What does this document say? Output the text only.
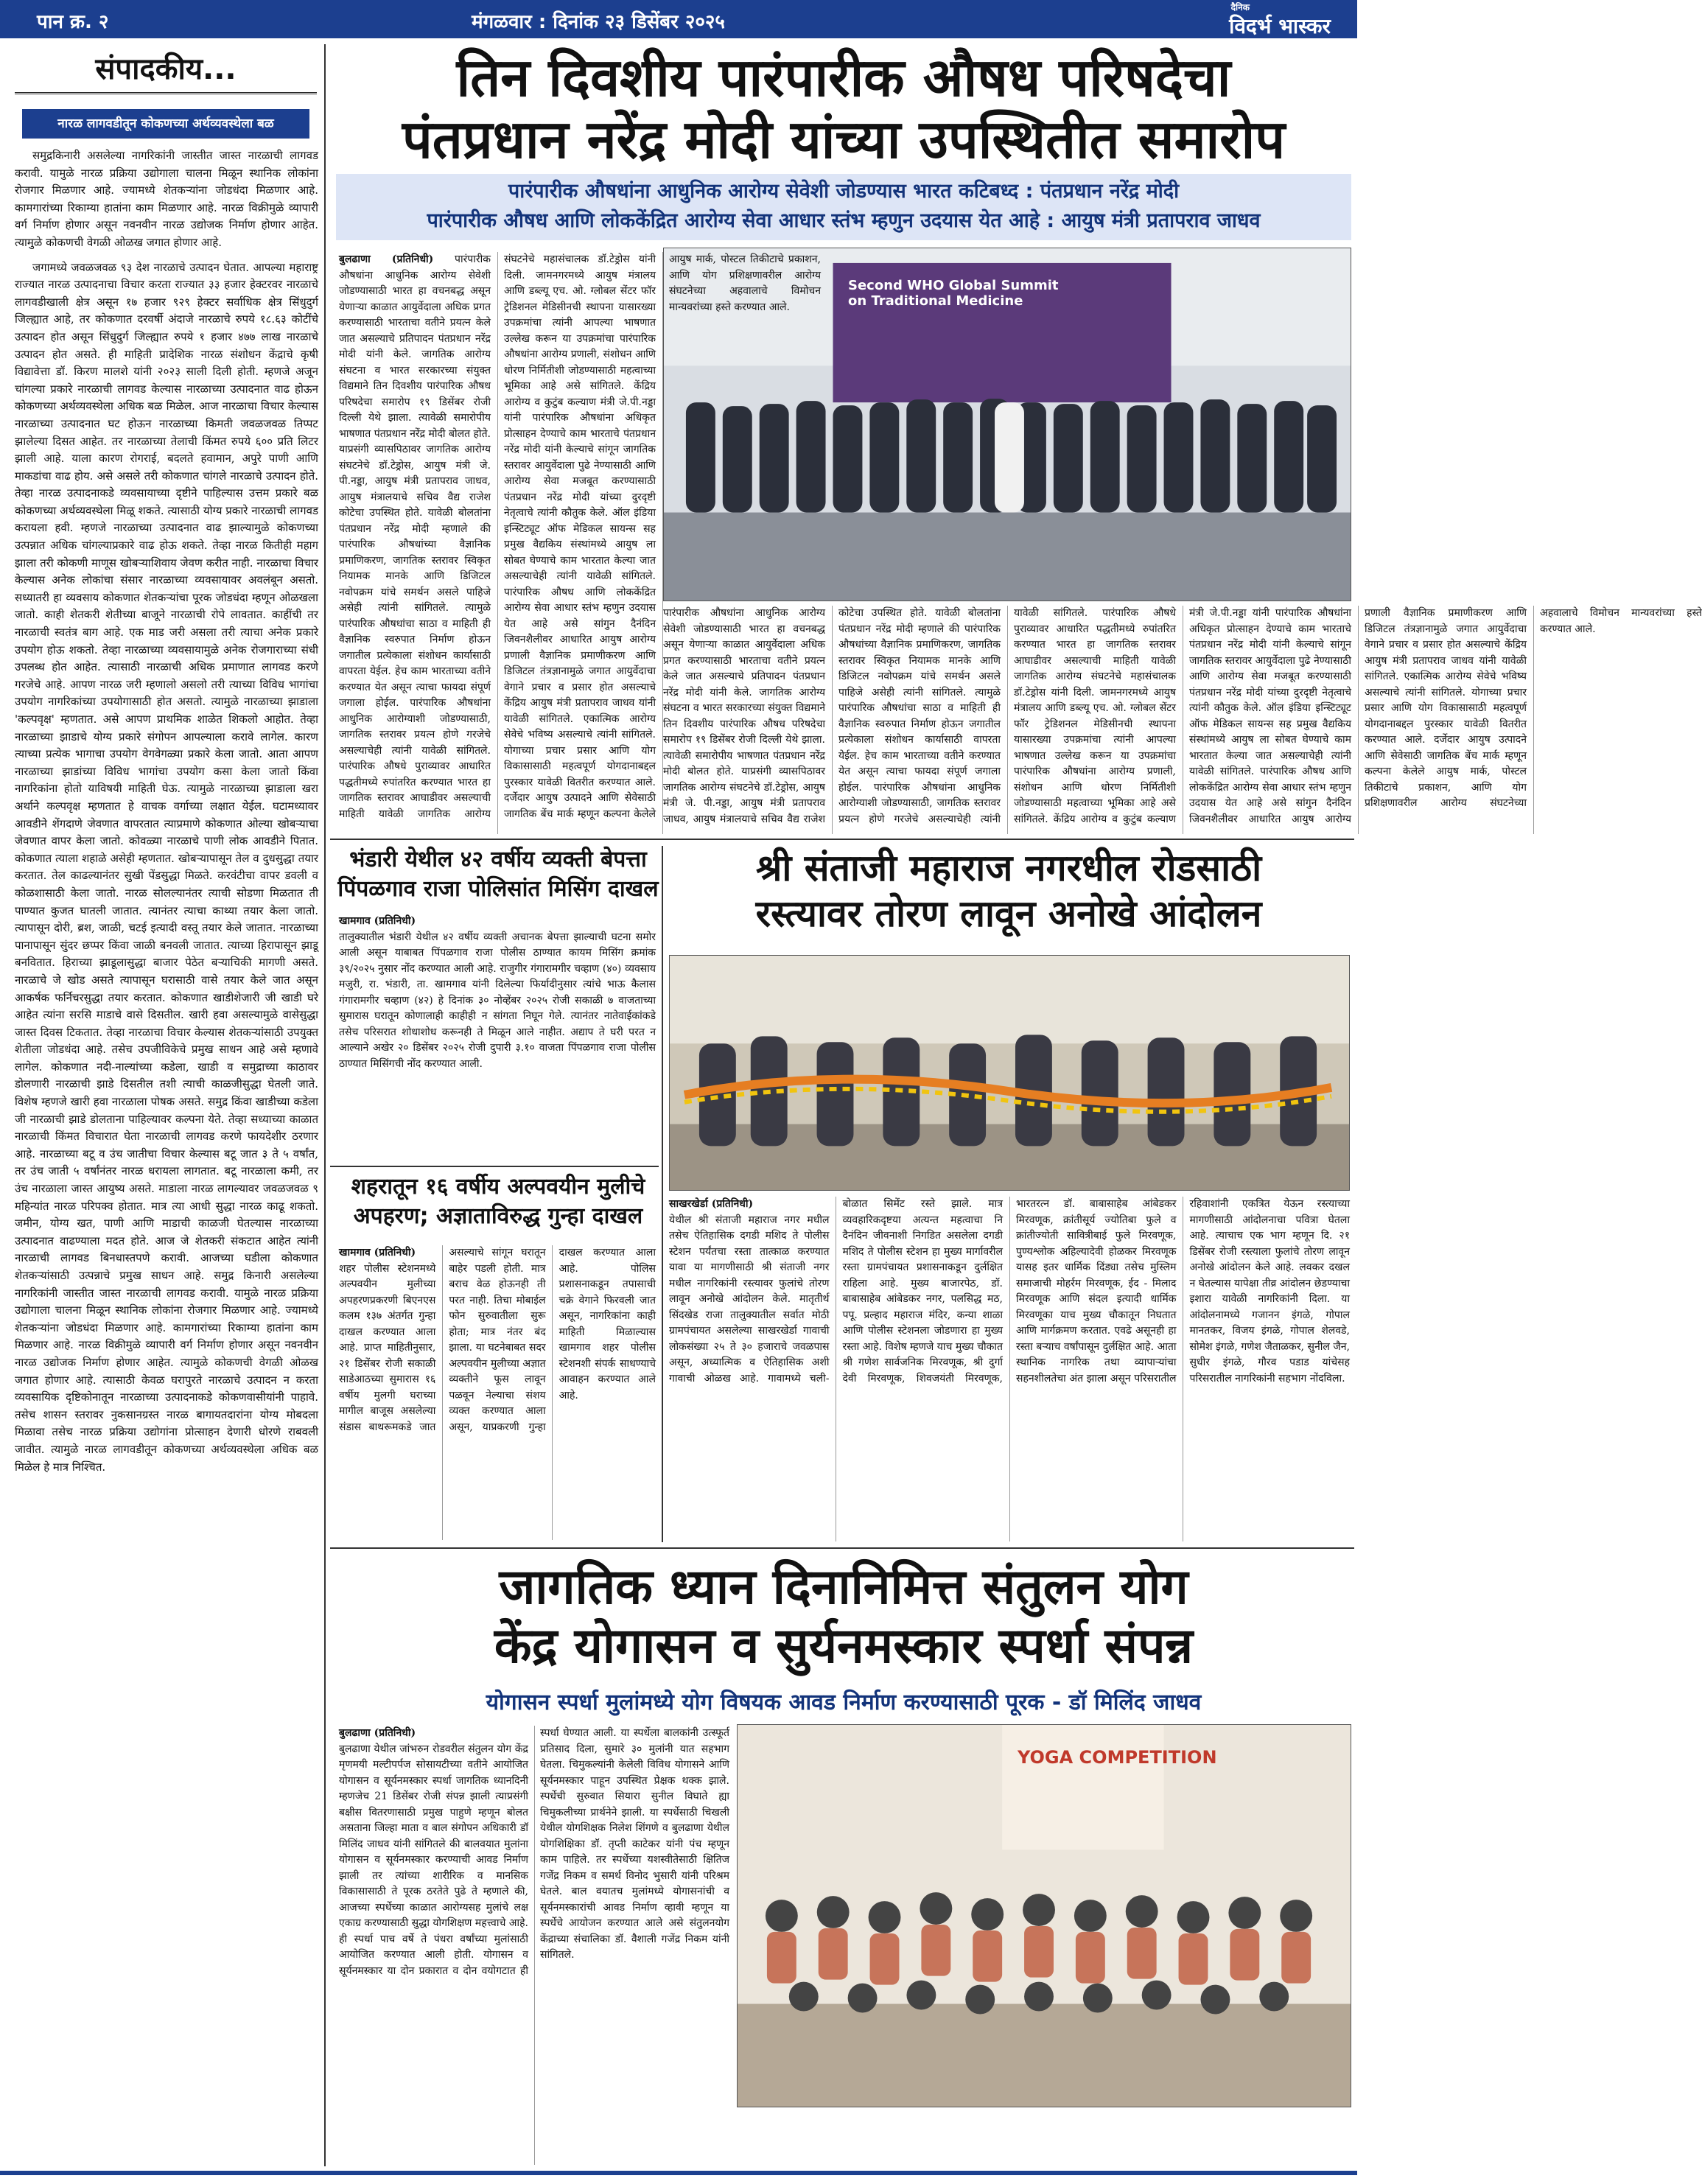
पान क्र. २	मंगळवार : दिनांक २३ डिसेंबर २०२५
दैनिक
विदर्भ भास्कर
संपादकीय...
नारळ लागवडीतून कोकणच्या अर्थव्यवस्थेला बळ

समुद्रकिनारी असलेल्या नागरिकांनी जास्तीत जास्त नारळाची लागवड करावी. यामुळे नारळ प्रक्रिया उद्योगाला चालना मिळून स्थानिक लोकांना रोजगार मिळणार आहे. ज्यामध्ये शेतकऱ्यांना जोडधंदा मिळणार आहे. कामगारांच्या रिकाम्या हातांना काम मिळणार आहे. नारळ विक्रीमुळे व्यापारी वर्ग निर्माण होणार असून नवनवीन नारळ उद्योजक निर्माण होणार आहेत. त्यामुळे कोकणची वेगळी ओळख जगात होणार आहे.

जगामध्ये जवळजवळ ९३ देश नारळाचे उत्पादन घेतात. आपल्या महाराष्ट्र राज्यात नारळ उत्पादनाचा विचार करता राज्यात ३३ हजार हेक्टरवर नारळाचे लागवडीखाली क्षेत्र असून १७ हजार ९२९ हेक्टर सर्वाधिक क्षेत्र सिंधुदुर्ग जिल्ह्यात आहे, तर कोकणात दरवर्षी अंदाजे नारळाचे रुपये १८.६३ कोटींचे उत्पादन होत असून सिंधुदुर्ग जिल्ह्यात रुपये १ हजार ४७७ लाख नारळाचे उत्पादन होत असते. ही माहिती प्रादेशिक नारळ संशोधन केंद्राचे कृषी विद्यावेत्ता डॉ. किरण मालशे यांनी २०२३ साली दिली होती. म्हणजे अजून चांगल्या प्रकारे नारळाची लागवड केल्यास नारळाच्या उत्पादनात वाढ होऊन कोकणच्या अर्थव्यवस्थेला अधिक बळ मिळेल. आज नारळाचा विचार केल्यास नारळाच्या उत्पादनात घट होऊन नारळाच्या किमती जवळजवळ तिप्पट झालेल्या दिसत आहेत. तर नारळाच्या तेलाची किंमत रुपये ६०० प्रति लिटर झाली आहे. याला कारण रोगराई, बदलते हवामान, अपुरे पाणी आणि माकडांचा वाढ होय. असे असले तरी कोकणात चांगले नारळाचे उत्पादन होते. तेव्हा नारळ उत्पादनाकडे व्यवसायाच्या दृष्टीने पाहिल्यास उत्तम प्रकारे बळ कोकणच्या अर्थव्यवस्थेला मिळू शकते. त्यासाठी योग्य प्रकारे नारळाची लागवड करायला हवी. म्हणजे नारळाच्या उत्पादनात वाढ झाल्यामुळे कोकणच्या उत्पन्नात अधिक चांगल्याप्रकारे वाढ होऊ शकते. तेव्हा नारळ कितीही महाग झाला तरी कोकणी माणूस खोबऱ्याशिवाय जेवण करीत नाही. नारळाचा विचार केल्यास अनेक लोकांचा संसार नारळाच्या व्यवसायावर अवलंबून असतो. सध्यातरी हा व्यवसाय कोकणात शेतकऱ्यांचा पूरक जोडधंदा म्हणून ओळखला जातो. काही शेतकरी शेतीच्या बाजूने नारळाची रोपे लावतात. काहींची तर नारळाची स्वतंत्र बाग आहे. एक माड जरी असला तरी त्याचा अनेक प्रकारे उपयोग होऊ शकतो. तेव्हा नारळाच्या व्यवसायामुळे अनेक रोजगाराच्या संधी उपलब्ध होत आहेत. त्यासाठी नारळाची अधिक प्रमाणात लागवड करणे गरजेचे आहे. आपण नारळ जरी म्हणालो असलो तरी त्याच्या विविध भागांचा उपयोग नागरिकांच्या उपयोगासाठी होत असतो. त्यामुळे नारळाच्या झाडाला 'कल्पवृक्ष' म्हणतात. असे आपण प्राथमिक शाळेत शिकलो आहोत. तेव्हा नारळाच्या झाडाचे योग्य प्रकारे संगोपन आपल्याला करावे लागेल. कारण त्याच्या प्रत्येक भागाचा उपयोग वेगवेगळ्या प्रकारे केला जातो. आता आपण नारळाच्या झाडांच्या विविध भागांचा उपयोग कसा केला जातो किंवा नागरिकांना होतो याविषयी माहिती घेऊ. त्यामुळे नारळाच्या झाडाला खरा अर्थाने कल्पवृक्ष म्हणतात हे वाचक वर्गाच्या लक्षात येईल. घटामध्यावर आवडीने शेंगदाणे जेवणात वापरतात त्याप्रमाणे कोकणात ओल्या खोबऱ्याचा जेवणात वापर केला जातो. कोवळ्या नारळाचे पाणी लोक आवडीने पितात. कोकणात त्याला शहाळे असेही म्हणतात. खोबऱ्यापासून तेल व दुधसुद्धा तयार करतात. तेल काढल्यानंतर सुखी पेंडसुद्धा मिळते. करवंटीचा वापर डवली व कोळशासाठी केला जातो. नारळ सोलल्यानंतर त्याची सोडणा मिळतात ती पाण्यात कुजत घातली जातात. त्यानंतर त्याचा काथ्या तयार केला जातो. त्यापासून दोरी, ब्रश, जाळी, चटई इत्यादी वस्तू तयार केले जातात. नारळाच्या पानापासून सुंदर छप्पर किंवा जाळी बनवली जातात. त्याच्या हिरापासून झाडू बनवितात. हिराच्या झाडूलासुद्धा बाजार पेठेत बऱ्याचिकी मागणी असते. नारळाचे जे खोड असते त्यापासून घरासाठी वासे तयार केले जात असून आकर्षक फर्निचरसुद्धा तयार करतात. कोकणात खाडीशेजारी जी खाडी घरे आहेत त्यांना सरसि माडाचे वासे दिसतील. खारी हवा असल्यामुळे वासेसुद्धा जास्त दिवस टिकतात. तेव्हा नारळाचा विचार केल्यास शेतकऱ्यांसाठी उपयुक्त शेतीला जोडधंदा आहे. तसेच उपजीविकेचे प्रमुख साधन आहे असे म्हणावे लागेल. कोकणात नदी-नाल्यांच्या कडेला, खाडी व समुद्राच्या काठावर डोलणारी नारळाची झाडे दिसतील तशी त्याची काळजीसुद्धा घेतली जाते. विशेष म्हणजे खारी हवा नारळाला पोषक असते. समुद्र किंवा खाडीच्या कडेला जी नारळाची झाडे डोलताना पाहिल्यावर कल्पना येते. तेव्हा सध्याच्या काळात नारळाची किंमत विचारात घेता नारळाची लागवड करणे फायदेशीर ठरणार आहे. नारळाच्या बटू व उंच जातीचा विचार केल्यास बटू जात ३ ते ५ वर्षांत, तर उंच जाती ५ वर्षांनंतर नारळ धरायला लागतात. बटू नारळाला कमी, तर उंच नारळाला जास्त आयुष्य असते. माडाला नारळ लागल्यावर जवळजवळ ९ महिन्यांत नारळ परिपक्व होतात. मात्र त्या आधी सुद्धा नारळ काढू शकतो. जमीन, योग्य खत, पाणी आणि माडाची काळजी घेतल्यास नारळाच्या उत्पादनात वाढण्याला मदत होते. आज जे शेतकरी संकटात आहेत त्यांनी नारळाची लागवड बिनधास्तपणे करावी. आजच्या घडीला कोकणात शेतकऱ्यांसाठी उत्पन्नाचे प्रमुख साधन आहे. समुद्र किनारी असलेल्या नागरिकांनी जास्तीत जास्त नारळाची लागवड करावी. यामुळे नारळ प्रक्रिया उद्योगाला चालना मिळून स्थानिक लोकांना रोजगार मिळणार आहे. ज्यामध्ये शेतकऱ्यांना जोडधंदा मिळणार आहे. कामगारांच्या रिकाम्या हातांना काम मिळणार आहे. नारळ विक्रीमुळे व्यापारी वर्ग निर्माण होणार असून नवनवीन नारळ उद्योजक निर्माण होणार आहेत. त्यामुळे कोकणची वेगळी ओळख जगात होणार आहे. त्यासाठी केवळ घरापुरते नारळाचे उत्पादन न करता व्यवसायिक दृष्टिकोनातून नारळाच्या उत्पादनाकडे कोकणवासीयांनी पाहावे. तसेच शासन स्तरावर नुकसानग्रस्त नारळ बागायतदारांना योग्य मोबदला मिळावा तसेच नारळ प्रक्रिया उद्योगांना प्रोत्साहन देणारी धोरणे राबवली जावीत. त्यामुळे नारळ लागवडीतून कोकणच्या अर्थव्यवस्थेला अधिक बळ मिळेल हे मात्र निश्चित.

तिन दिवशीय पारंपारीक औषध परिषदेचा
पंतप्रधान नरेंद्र मोदी यांच्या उपस्थितीत समारोप
पारंपारीक औषधांना आधुनिक आरोग्य सेवेशी जोडण्यास भारत कटिबध्द : पंतप्रधान नरेंद्र मोदी
पारंपारीक औषध आणि लोककेंद्रित आरोग्य सेवा आधार स्तंभ म्हणुन उदयास येत आहे : आयुष मंत्री प्रतापराव जाधव
Second WHO Global Summit on Traditional Medicine
बुलढाणा (प्रतिनिधी) पारंपारीक औषधांना आधुनिक आरोग्य सेवेशी जोडण्यासाठी भारत हा वचनबद्ध असून येणाऱ्या काळात आयुर्वेदाला अधिक प्रगत करण्यासाठी भारताचा वतीने प्रयत्न केले जात असल्याचे प्रतिपादन पंतप्रधान नरेंद्र मोदी यांनी केले. जागतिक आरोग्य संघटना व भारत सरकारच्या संयुक्त विद्यमाने तिन दिवशीय पारंपारिक औषध परिषदेचा समारोप १९ डिसेंबर रोजी दिल्ली येथे झाला. त्यावेळी समारोपीय भाषणात पंतप्रधान नरेंद्र मोदी बोलत होते. याप्रसंगी व्यासपिठावर जागतिक आरोग्य संघटनेचे डॉ.टेड्रोस, आयुष मंत्री जे. पी.नड्डा, आयुष मंत्री प्रतापराव जाधव, आयुष मंत्रालयाचे सचिव वैद्य राजेश कोटेचा उपस्थित होते. यावेळी बोलतांना पंतप्रधान नरेंद्र मोदी म्हणाले की पारंपारिक औषधांच्या वैज्ञानिक प्रमाणिकरण, जागतिक स्तरावर स्विकृत नियामक मानके आणि डिजिटल नवोपक्रम यांचे समर्थन असले पाहिजे असेही त्यांनी सांगितले. त्यामुळे पारंपारिक औषधांचा साठा व माहिती ही वैज्ञानिक स्वरुपात निर्माण होऊन जगातील प्रत्येकाला संशोधन कार्यासाठी वापरता येईल. हेच काम भारताच्या वतीने करण्यात येत असून त्याचा फायदा संपूर्ण जगाला होईल. पारंपारिक औषधांना आधुनिक आरोग्याशी जोडण्यासाठी, जागतिक स्तरावर प्रयत्न होणे गरजेचे असल्याचेही त्यांनी यावेळी सांगितले. पारंपारिक औषधे पुराव्यावर आधारित पद्धतीमध्ये रुपांतरित करण्यात भारत हा जागतिक स्तरावर आघाडीवर असल्याची माहिती यावेळी जागतिक आरोग्य संघटनेचे महासंचालक डॉ.टेड्रोस यांनी दिली. जामनगरमध्ये आयुष मंत्रालय आणि डब्ल्यू एच. ओ. ग्लोबल सेंटर फॉर ट्रेडिशनल मेडिसीनची स्थापना यासारख्या उपक्रमांचा त्यांनी आपल्या भाषणात उल्लेख करून या उपक्रमांचा पारंपारिक औषधांना आरोग्य प्रणाली, संशोधन आणि धोरण निर्मितीशी जोडण्यासाठी महत्वाच्या भूमिका आहे असे सांगितले. केंद्रिय आरोग्य व कुटुंब कल्याण मंत्री जे.पी.नड्डा यांनी पारंपारिक औषधांना अधिकृत प्रोत्साहन देण्याचे काम भारताचे पंतप्रधान नरेंद्र मोदी यांनी केल्याचे सांगून जागतिक स्तरावर आयुर्वेदाला पुढे नेण्यासाठी आणि आरोग्य सेवा मजबूत करण्यासाठी पंतप्रधान नरेंद्र मोदी यांच्या दुरदृष्टी नेतृत्वाचे त्यांनी कौतुक केले. ऑल इंडिया इन्स्टिट्यूट ऑफ मेडिकल सायन्स सह प्रमुख वैद्यकिय संस्थांमध्ये आयुष ला सोबत घेण्याचे काम भारतात केल्या जात असल्याचेही त्यांनी यावेळी सांगितले. पारंपारिक औषध आणि लोककेंद्रित आरोग्य सेवा आधार स्तंभ म्हणुन उदयास येत आहे असे सांगुन दैनंदिन जिवनशैलीवर आधारित आयुष आरोग्य प्रणाली वैज्ञानिक प्रमाणीकरण आणि डिजिटल तंत्रज्ञानामुळे जगात आयुर्वेदाचा वेगाने प्रचार व प्रसार होत असल्याचे केंद्रिय आयुष मंत्री प्रतापराव जाधव यांनी यावेळी सांगितले. एकात्मिक आरोग्य सेवेचे भविष्य असल्याचे त्यांनी सांगितले. योगाच्या प्रचार प्रसार आणि योग विकासासाठी महत्वपूर्ण योगदानाबद्दल पुरस्कार यावेळी वितरीत करण्यात आले. दर्जेदार आयुष उत्पादने आणि सेवेसाठी जागतिक बेंच मार्क म्हणून कल्पना केलेले आयुष मार्क, पोस्टल तिकीटाचे प्रकाशन, आणि योग प्रशिक्षणावरील आरोग्य संघटनेच्या अहवालाचे विमोचन मान्यवरांच्या हस्ते करण्यात आले.
पारंपारीक औषधांना आधुनिक आरोग्य सेवेशी जोडण्यासाठी भारत हा वचनबद्ध असून येणाऱ्या काळात आयुर्वेदाला अधिक प्रगत करण्यासाठी भारताचा वतीने प्रयत्न केले जात असल्याचे प्रतिपादन पंतप्रधान नरेंद्र मोदी यांनी केले. जागतिक आरोग्य संघटना व भारत सरकारच्या संयुक्त विद्यमाने तिन दिवशीय पारंपारिक औषध परिषदेचा समारोप १९ डिसेंबर रोजी दिल्ली येथे झाला. त्यावेळी समारोपीय भाषणात पंतप्रधान नरेंद्र मोदी बोलत होते. याप्रसंगी व्यासपिठावर जागतिक आरोग्य संघटनेचे डॉ.टेड्रोस, आयुष मंत्री जे. पी.नड्डा, आयुष मंत्री प्रतापराव जाधव, आयुष मंत्रालयाचे सचिव वैद्य राजेश कोटेचा उपस्थित होते. यावेळी बोलतांना पंतप्रधान नरेंद्र मोदी म्हणाले की पारंपारिक औषधांच्या वैज्ञानिक प्रमाणिकरण, जागतिक स्तरावर स्विकृत नियामक मानके आणि डिजिटल नवोपक्रम यांचे समर्थन असले पाहिजे असेही त्यांनी सांगितले. त्यामुळे पारंपारिक औषधांचा साठा व माहिती ही वैज्ञानिक स्वरुपात निर्माण होऊन जगातील प्रत्येकाला संशोधन कार्यासाठी वापरता येईल. हेच काम भारताच्या वतीने करण्यात येत असून त्याचा फायदा संपूर्ण जगाला होईल. पारंपारिक औषधांना आधुनिक आरोग्याशी जोडण्यासाठी, जागतिक स्तरावर प्रयत्न होणे गरजेचे असल्याचेही त्यांनी यावेळी सांगितले. पारंपारिक औषधे पुराव्यावर आधारित पद्धतीमध्ये रुपांतरित करण्यात भारत हा जागतिक स्तरावर आघाडीवर असल्याची माहिती यावेळी जागतिक आरोग्य संघटनेचे महासंचालक डॉ.टेड्रोस यांनी दिली. जामनगरमध्ये आयुष मंत्रालय आणि डब्ल्यू एच. ओ. ग्लोबल सेंटर फॉर ट्रेडिशनल मेडिसीनची स्थापना यासारख्या उपक्रमांचा त्यांनी आपल्या भाषणात उल्लेख करून या उपक्रमांचा पारंपारिक औषधांना आरोग्य प्रणाली, संशोधन आणि धोरण निर्मितीशी जोडण्यासाठी महत्वाच्या भूमिका आहे असे सांगितले. केंद्रिय आरोग्य व कुटुंब कल्याण मंत्री जे.पी.नड्डा यांनी पारंपारिक औषधांना अधिकृत प्रोत्साहन देण्याचे काम भारताचे पंतप्रधान नरेंद्र मोदी यांनी केल्याचे सांगून जागतिक स्तरावर आयुर्वेदाला पुढे नेण्यासाठी आणि आरोग्य सेवा मजबूत करण्यासाठी पंतप्रधान नरेंद्र मोदी यांच्या दुरदृष्टी नेतृत्वाचे त्यांनी कौतुक केले. ऑल इंडिया इन्स्टिट्यूट ऑफ मेडिकल सायन्स सह प्रमुख वैद्यकिय संस्थांमध्ये आयुष ला सोबत घेण्याचे काम भारतात केल्या जात असल्याचेही त्यांनी यावेळी सांगितले. पारंपारिक औषध आणि लोककेंद्रित आरोग्य सेवा आधार स्तंभ म्हणुन उदयास येत आहे असे सांगुन दैनंदिन जिवनशैलीवर आधारित आयुष आरोग्य प्रणाली वैज्ञानिक प्रमाणीकरण आणि डिजिटल तंत्रज्ञानामुळे जगात आयुर्वेदाचा वेगाने प्रचार व प्रसार होत असल्याचे केंद्रिय आयुष मंत्री प्रतापराव जाधव यांनी यावेळी सांगितले. एकात्मिक आरोग्य सेवेचे भविष्य असल्याचे त्यांनी सांगितले. योगाच्या प्रचार प्रसार आणि योग विकासासाठी महत्वपूर्ण योगदानाबद्दल पुरस्कार यावेळी वितरीत करण्यात आले. दर्जेदार आयुष उत्पादने आणि सेवेसाठी जागतिक बेंच मार्क म्हणून कल्पना केलेले आयुष मार्क, पोस्टल तिकीटाचे प्रकाशन, आणि योग प्रशिक्षणावरील आरोग्य संघटनेच्या अहवालाचे विमोचन मान्यवरांच्या हस्ते करण्यात आले.
भंडारी येथील ४२ वर्षीय व्यक्ती बेपत्ता
पिंपळगाव राजा पोलिसांत मिसिंग दाखल
खामगाव (प्रतिनिधी)
तालुक्यातील भंडारी येथील ४२ वर्षीय व्यक्ती अचानक बेपत्ता झाल्याची घटना समोर आली असून याबाबत पिंपळगाव राजा पोलीस ठाण्यात कायम मिसिंग क्रमांक ३९/२०२५ नुसार नोंद करण्यात आली आहे. राजुगीर गंगारामगीर चव्हाण (४०) व्यवसाय मजुरी, रा. भंडारी, ता. खामगाव यांनी दिलेल्या फिर्यादीनुसार त्यांचे भाऊ कैलास गंगारामगीर चव्हाण (४२) हे दिनांक ३० नोव्हेंबर २०२५ रोजी सकाळी ७ वाजताच्या सुमारास घरातून कोणालाही काहीही न सांगता निघून गेले. त्यानंतर नातेवाईकांकडे तसेच परिसरात शोधाशोध करूनही ते मिळून आले नाहीत. अद्याप ते घरी परत न आल्याने अखेर २० डिसेंबर २०२५ रोजी दुपारी ३.१० वाजता पिंपळगाव राजा पोलीस ठाण्यात मिसिंगची नोंद करण्यात आली.
शहरातून १६ वर्षीय अल्पवयीन मुलीचे
अपहरण; अज्ञाताविरुद्ध गुन्हा दाखल
खामगाव (प्रतिनिधी)
शहर पोलीस स्टेशनमध्ये अल्पवयीन मुलीच्या अपहरणप्रकरणी बिएनएस कलम १३७ अंतर्गत गुन्हा दाखल करण्यात आला आहे. प्राप्त माहितीनुसार, २१ डिसेंबर रोजी सकाळी साडेआठच्या सुमारास १६ वर्षीय मुलगी घराच्या मागील बाजूस असलेल्या संडास बाथरूमकडे जात असल्याचे सांगून घरातून बाहेर पडली होती. मात्र बराच वेळ होऊनही ती परत नाही. तिचा मोबाईल फोन सुरुवातीला सुरू होता; मात्र नंतर बंद झाला. या घटनेबाबत सदर अल्पवयीन मुलीच्या अज्ञात व्यक्तीने फूस लावून पळवून नेल्याचा संशय व्यक्त करण्यात आला असून, याप्रकरणी गुन्हा दाखल करण्यात आला आहे. पोलिस प्रशासनाकडून तपासाची चक्रे वेगाने फिरवली जात असून, नागरिकांना काही माहिती मिळाल्यास खामगाव शहर पोलीस स्टेशनशी संपर्क साधण्याचे आवाहन करण्यात आले आहे.
श्री संताजी महाराज नगरधील रोडसाठी
रस्त्यावर तोरण लावून अनोखे आंदोलन
साखरखेर्डा (प्रतिनिधी)
येथील श्री संताजी महाराज नगर मधील तसेच ऐतिहासिक दगडी मशिद ते पोलीस स्टेशन पर्यंतचा रस्ता तात्काळ करण्यात यावा या मागणीसाठी श्री संताजी नगर मधील नागरिकांनी रस्त्यावर फुलांचे तोरण लावून अनोखे आंदोलन केले. मातृतीर्थ सिंदखेड राजा तालुक्यातील सर्वात मोठी ग्रामपंचायत असलेल्या साखरखेर्डा गावाची लोकसंख्या २५ ते ३० हजाराचे जवळपास असून, अध्यात्मिक व ऐतिहासिक अशी गावाची ओळख आहे. गावामध्ये चली-बोळात सिमेंट रस्ते झाले. मात्र व्यवहारिकदृष्टया अत्यन्त महत्वाचा नि दैनंदिन जीवनाशी निगडित असलेला दगडी मशिद ते पोलीस स्टेशन हा मुख्य मार्गावरील रस्ता ग्रामपंचायत प्रशासनाकडून दुर्लक्षित राहिला आहे. मुख्य बाजारपेठ, डॉ. बाबासाहेब आंबेडकर नगर, पलसिद्ध मठ, पपू. प्रल्हाद महाराज मंदिर, कन्या शाळा आणि पोलीस स्टेशनला जोडणारा हा मुख्य रस्ता आहे. विशेष म्हणजे याच मुख्य चौकात श्री गणेश सार्वजनिक मिरवणूक, श्री दुर्गा देवी मिरवणूक, शिवजयंती मिरवणूक, भारतरत्न डॉ. बाबासाहेब आंबेडकर मिरवणूक, क्रांतीसूर्य ज्योतिबा फुले व क्रांतीज्योती सावित्रीबाई फुले मिरवणूक, पुण्यश्लोक अहिल्यादेवी होळकर मिरवणूक यासह इतर धार्मिक दिंड्या तसेच मुस्लिम समाजाची मोहर्रम मिरवणूक, ईद - मिलाद मिरवणूक आणि संदल इत्यादी धार्मिक मिरवणूका याच मुख्य चौकातून निघतात आणि मार्गक्रमण करतात. एवढे असूनही हा रस्ता बऱ्याच वर्षांपासून दुर्लक्षित आहे. आता स्थानिक नागरिक तथा व्यापाऱ्यांचा सहनशीलतेचा अंत झाला असून परिसरातील रहिवाशांनी एकत्रित येऊन रस्त्याच्या मागणीसाठी आंदोलनाचा पवित्रा घेतला आहे. त्याचाच एक भाग म्हणून दि. २१ डिसेंबर रोजी रस्त्याला फुलांचे तोरण लावून अनोखे आंदोलन केले आहे. लवकर दखल न घेतल्यास यापेक्षा तीव्र आंदोलन छेडण्याचा इशारा यावेळी नागरिकांनी दिला. या आंदोलनामध्ये गजानन इंगळे, गोपाल मानतकर, विजय इंगळे, गोपाल शेलवडे, सोमेश इंगळे, गणेश जैताळकर, सुनील जैन, सुधीर इंगळे, गौरव पडाड यांचेसह परिसरातील नागरिकांनी सहभाग नोंदविला.
जागतिक ध्यान दिनानिमित्त संतुलन योग
केंद्र योगासन व सुर्यनमस्कार स्पर्धा संपन्न
योगासन स्पर्धा मुलांमध्ये योग विषयक आवड निर्माण करण्यासाठी पूरक - डॉ मिलिंद जाधव
YOGA COMPETITION
बुलढाणा (प्रतिनिधी)
बुलढाणा येथील जांभरुन रोडवरील संतुलन योग केंद्र मृणमयी मल्टीपर्पज सोसायटीच्या वतीने आयोजित योगासन व सूर्यनमस्कार स्पर्धा जागतिक ध्यानदिनी म्हणजेच 21 डिसेंबर रोजी संपन्न झाली त्याप्रसंगी बक्षीस वितरणासाठी प्रमुख पाहुणे म्हणून बोलत असताना जिल्हा माता व बाल संगोपन अधिकारी डॉ मिलिंद जाधव यांनी सांगितले की बालवयात मुलांना योगासन व सूर्यनमस्कार करण्याची आवड निर्माण झाली तर त्यांच्या शारीरिक व मानसिक विकासासाठी ते पूरक ठरतेते पुढे ते म्हणाले की, आजच्या स्पर्धेच्या काळात आरोग्यसह मुलांचे लक्ष एकाग्र करण्यासाठी सुद्धा योगशिक्षण महत्त्वाचे आहे. ही स्पर्धा पाच वर्षे ते पंधरा वर्षांच्या मुलांसाठी आयोजित करण्यात आली होती. योगासन व सूर्यनमस्कार या दोन प्रकारात व दोन वयोगटात ही स्पर्धा घेण्यात आली. या स्पर्धेला बालकांनी उत्स्फूर्त प्रतिसाद दिला, सुमारे ३० मुलांनी यात सहभाग घेतला. चिमुकल्यांनी केलेली विविध योगासने आणि सूर्यनमस्कार पाहून उपस्थित प्रेक्षक थक्क झाले. स्पर्धेची सुरुवात सियारा सुनील विघाते ह्या चिमुकलीच्या प्रार्थनेने झाली. या स्पर्धेसाठी चिखली येथील योगशिक्षक निलेश शिंगणे व बुलढाणा येथील योगशिक्षिका डॉ. तृप्ती काटेकर यांनी पंच म्हणून काम पाहिले. तर स्पर्धेच्या यशस्वीतेसाठी क्षितिज गजेंद्र निकम व समर्थ विनोद भुसारी यांनी परिश्रम घेतले. बाल वयातच मुलांमध्ये योगासनांची व सूर्यनमस्कारांची आवड निर्माण व्हावी म्हणून या स्पर्धेचे आयोजन करण्यात आले असे संतुलनयोग केंद्राच्या संचालिका डॉ. वैशाली गजेंद्र निकम यांनी सांगितले.
